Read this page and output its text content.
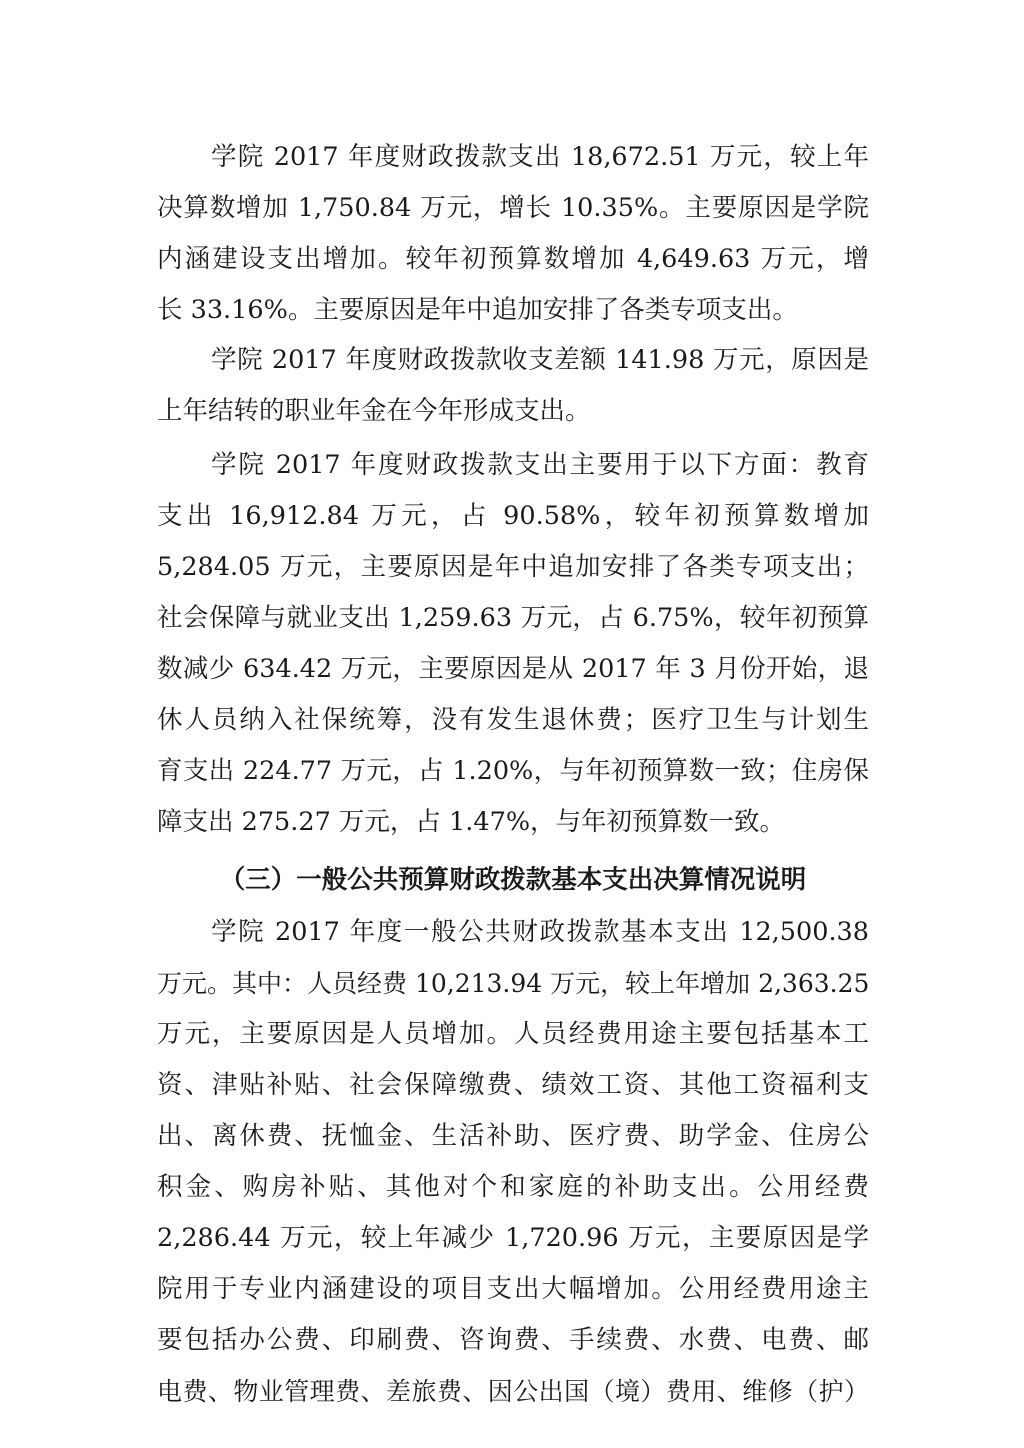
学院 2017 年度财政拨款支出 18,672.51 万元，较上年
决算数增加 1,750.84 万元，增长 10.35%。主要原因是学院
内涵建设支出增加。较年初预算数增加 4,649.63 万元，增
长 33.16%。主要原因是年中追加安排了各类专项支出。
学院 2017 年度财政拨款收支差额 141.98 万元，原因是
上年结转的职业年金在今年形成支出。
学院 2017 年度财政拨款支出主要用于以下方面：教育
支出 16,912.84 万元，占 90.58%，较年初预算数增加
5,284.05 万元，主要原因是年中追加安排了各类专项支出；
社会保障与就业支出 1,259.63 万元，占 6.75%，较年初预算
数减少 634.42 万元，主要原因是从 2017 年 3 月份开始，退
休人员纳入社保统筹，没有发生退休费；医疗卫生与计划生
育支出 224.77 万元，占 1.20%，与年初预算数一致；住房保
障支出 275.27 万元，占 1.47%，与年初预算数一致。
（三）一般公共预算财政拨款基本支出决算情况说明
学院 2017 年度一般公共财政拨款基本支出 12,500.38
万元。其中：人员经费 10,213.94 万元，较上年增加 2,363.25
万元，主要原因是人员增加。人员经费用途主要包括基本工
资、津贴补贴、社会保障缴费、绩效工资、其他工资福利支
出、离休费、抚恤金、生活补助、医疗费、助学金、住房公
积金、购房补贴、其他对个和家庭的补助支出。公用经费
2,286.44 万元，较上年减少 1,720.96 万元，主要原因是学
院用于专业内涵建设的项目支出大幅增加。公用经费用途主
要包括办公费、印刷费、咨询费、手续费、水费、电费、邮
电费、物业管理费、差旅费、因公出国（境）费用、维修（护）
